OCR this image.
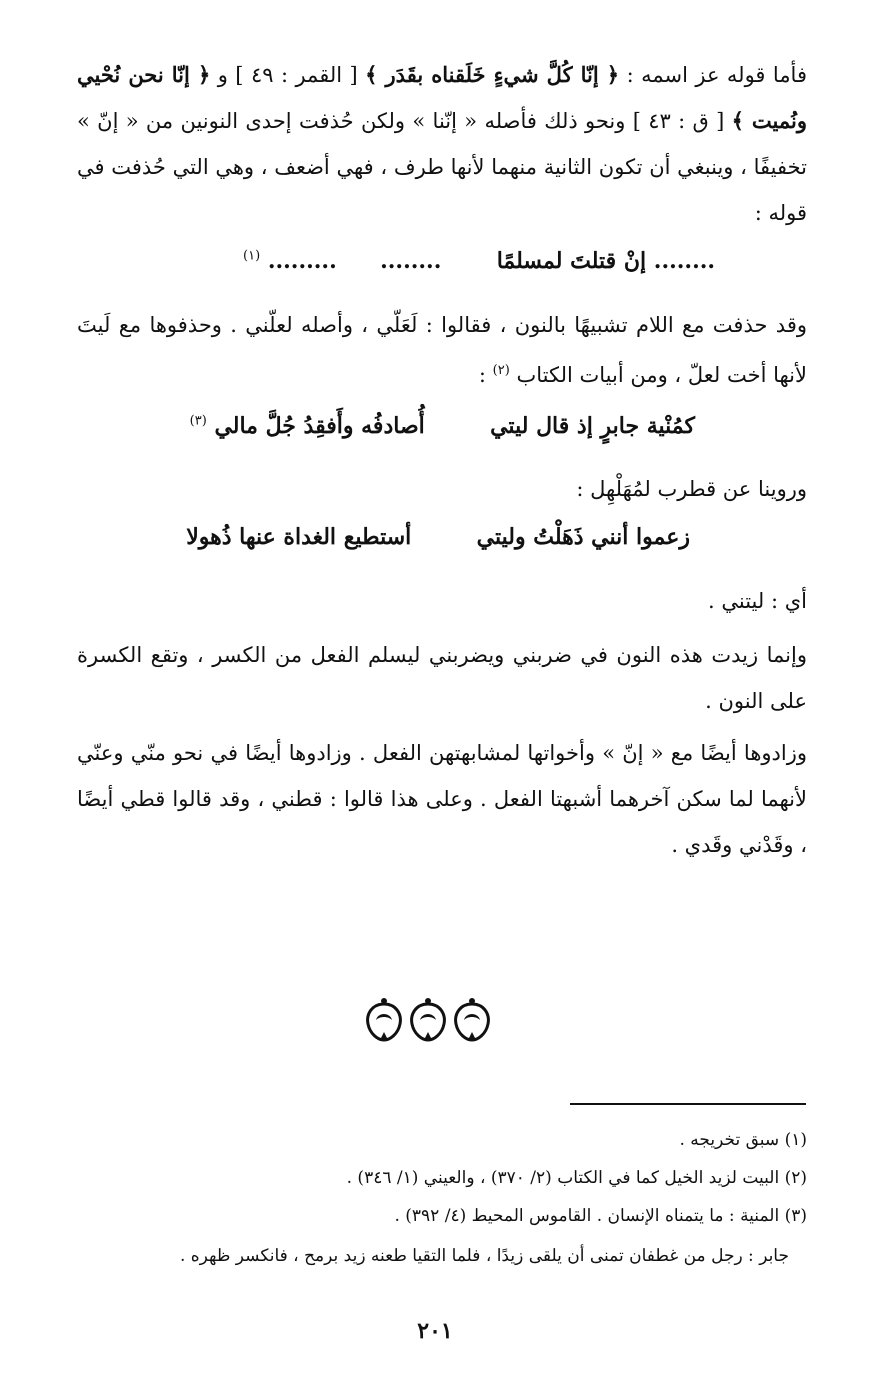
فأما قوله عز اسمه : ﴿ إنّا كُلَّ شيءٍ خَلَقناه بقَدَر ﴾ [ القمر : ٤٩ ] و ﴿ إنّا نحن نُحْيي ونُميت ﴾ [ ق : ٤٣ ] ونحو ذلك فأصله « إنّنا » ولكن حُذفت إحدى النونين من « إنّ » تخفيفًا ، وينبغي أن تكون الثانية منهما لأنها طرف ، فهي أضعف ، وهي التي حُذفت في قوله :

........ إنْ قتلتَ لمسلمًا  ........  ......... $^{(١)}$

وقد حذفت مع اللام تشبيهًا بالنون ، فقالوا : لَعَلّي ، وأصله لعلّني . وحذفوها مع لَيتَ لأنها أخت لعلّ ، ومن أبيات الكتاب $^{(٢)}$ :

كمُنْية جابرٍ إذ قال ليتي  أُصادفُه وأَفقِدُ جُلَّ مالي $^{(٣)}$

وروينا عن قطرب لمُهَلْهِل :

زعموا أنني ذَهَلْتُ وليتي  أستطيع الغداة عنها ذُهولا

أي : ليتني .

وإنما زيدت هذه النون في ضربني ويضربني ليسلم الفعل من الكسر ، وتقع الكسرة على النون .

وزادوها أيضًا مع « إنّ » وأخواتها لمشابهتهن الفعل . وزادوها أيضًا في نحو منّي وعنّي لأنهما لما سكن آخرهما أشبهتا الفعل . وعلى هذا قالوا : قطني ، وقد قالوا قطي أيضًا ، وقَدْني وقَدي .

(١) سبق تخريجه .
(٢) البيت لزيد الخيل كما في الكتاب (٢/ ٣٧٠) ، والعيني (١/ ٣٤٦) .
(٣) المنية : ما يتمناه الإنسان . القاموس المحيط (٤/ ٣٩٢) .
جابر : رجل من غطفان تمنى أن يلقى زيدًا ، فلما التقيا طعنه زيد برمح ، فانكسر ظهره .
٢٠١
